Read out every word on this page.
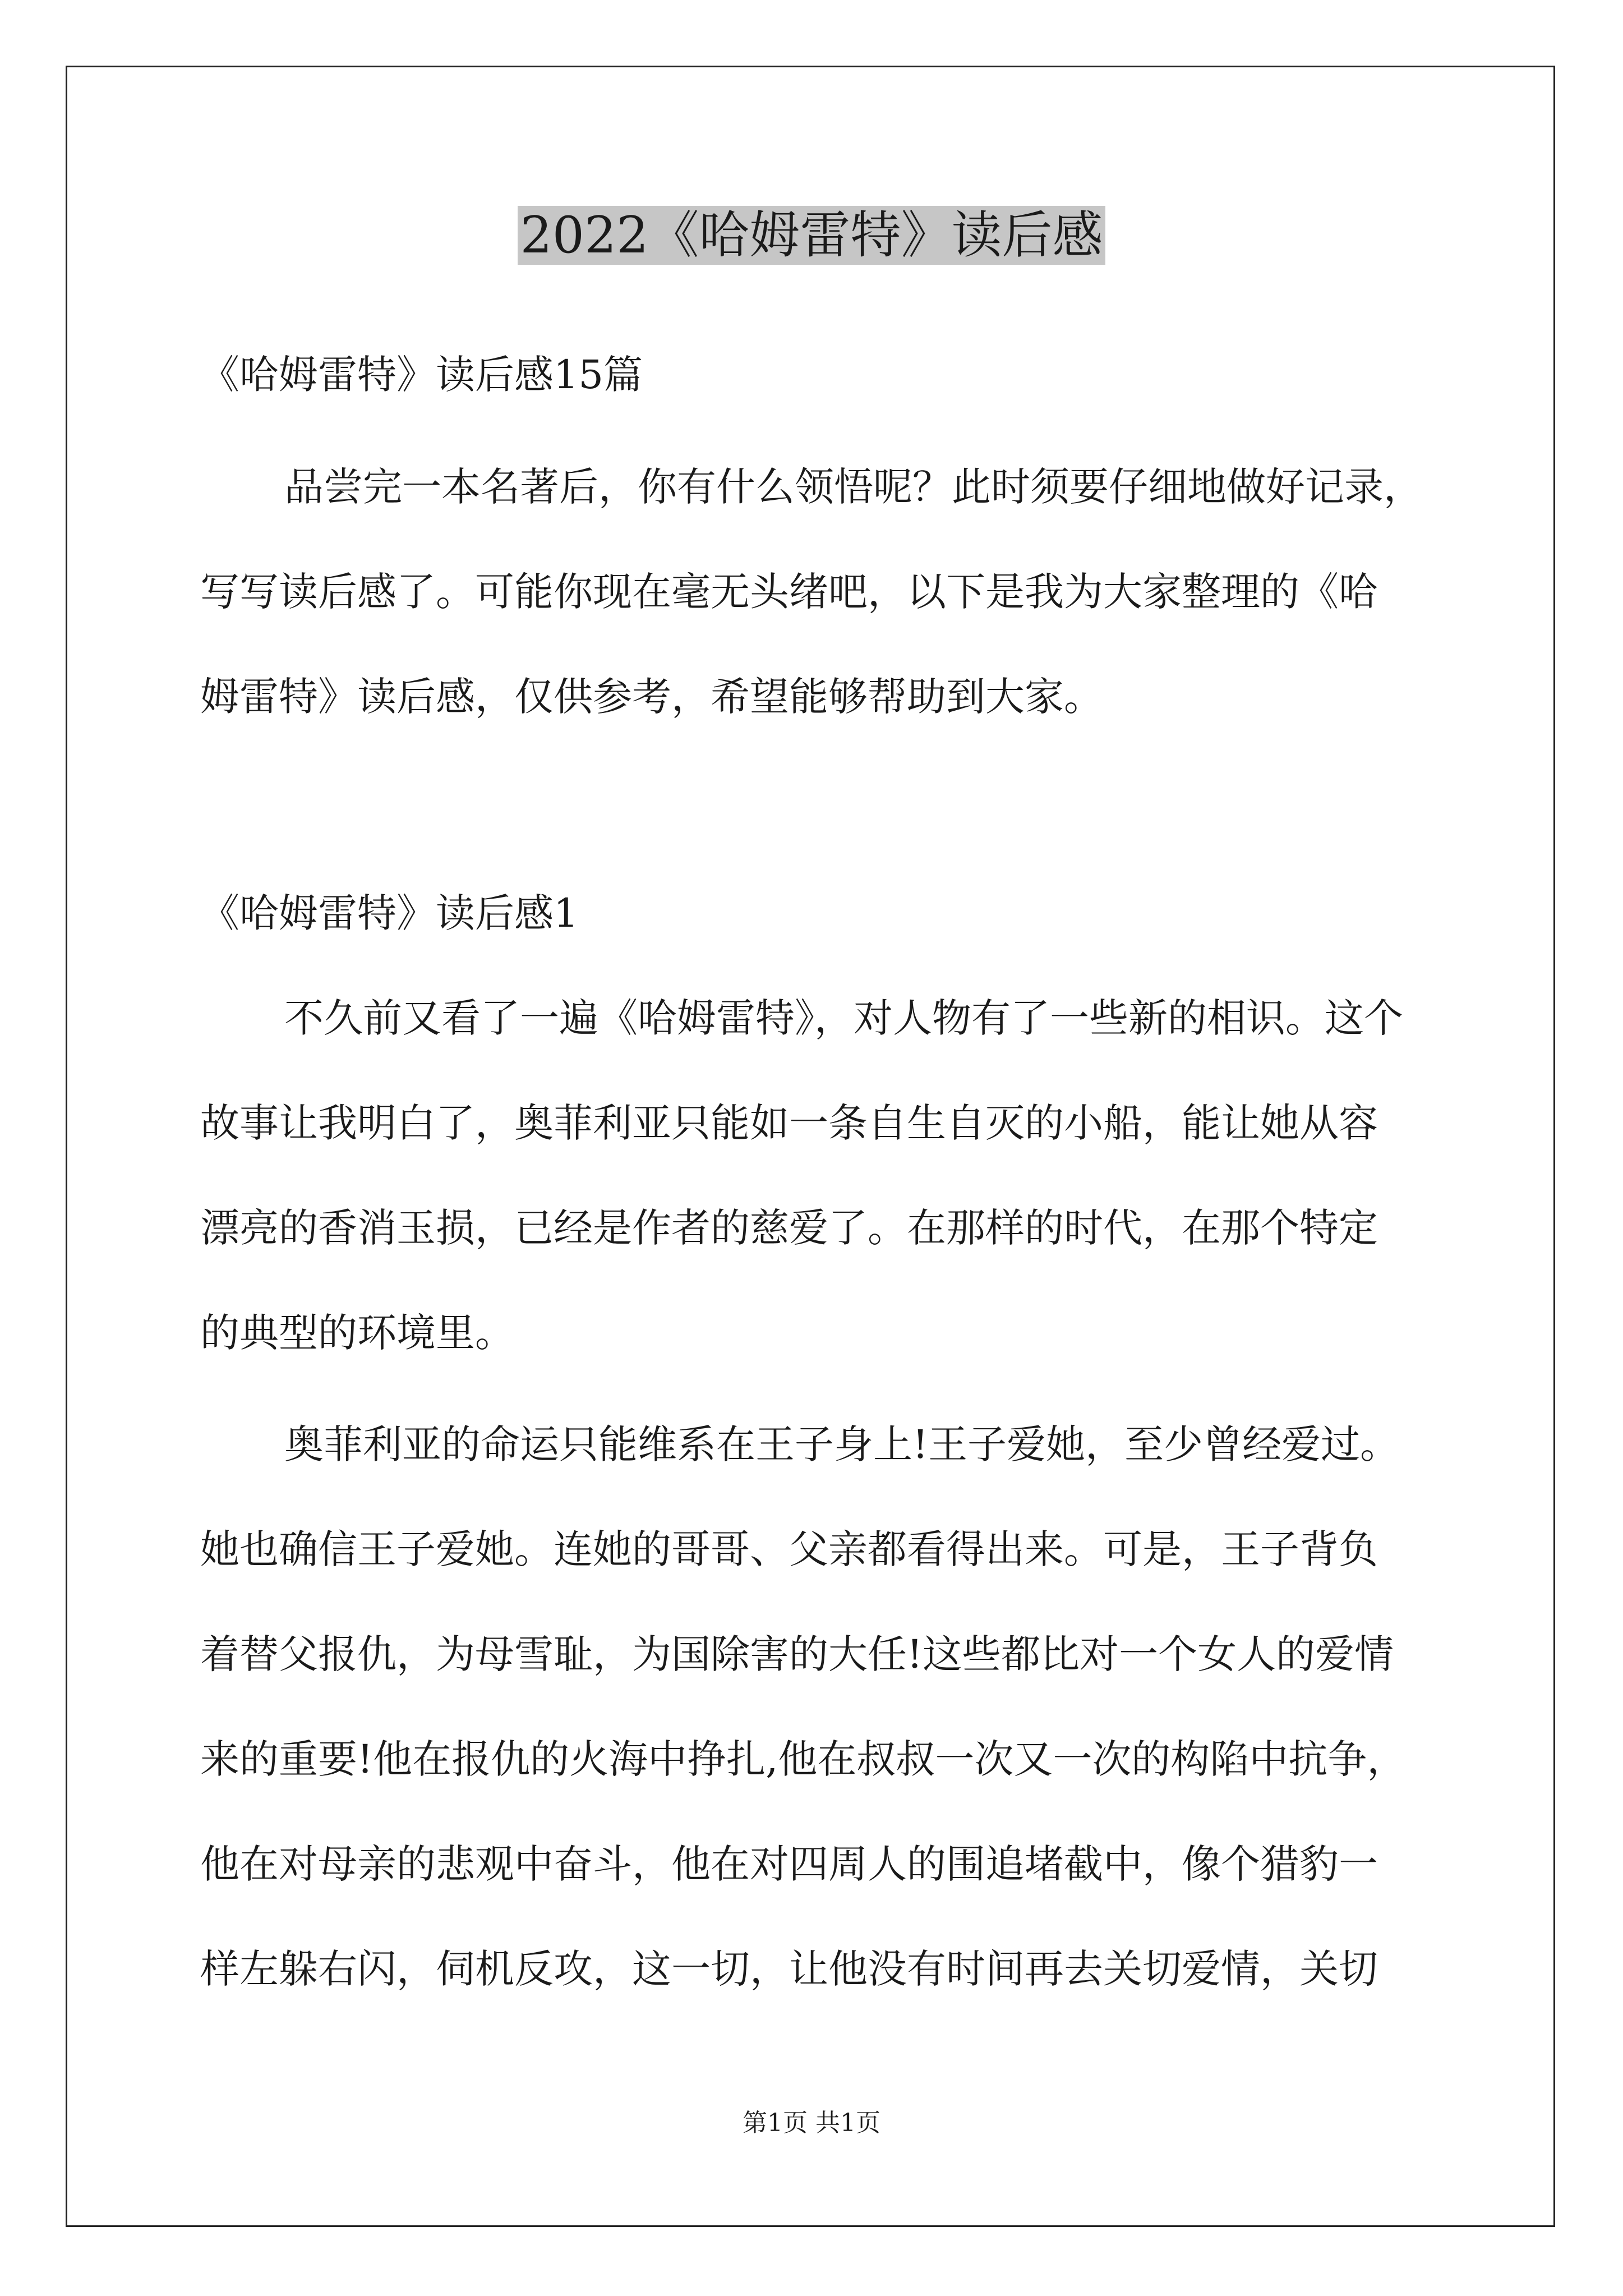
2022《哈姆雷特》读后感

《哈姆雷特》读后感15篇

品尝完一本名著后，你有什么领悟呢？此时须要仔细地做好记录，

写写读后感了。可能你现在毫无头绪吧，以下是我为大家整理的《哈

姆雷特》读后感，仅供参考，希望能够帮助到大家。

《哈姆雷特》读后感1

不久前又看了一遍《哈姆雷特》，对人物有了一些新的相识。这个

故事让我明白了，奥菲利亚只能如一条自生自灭的小船，能让她从容

漂亮的香消玉损，已经是作者的慈爱了。在那样的时代，在那个特定

的典型的环境里。

奥菲利亚的命运只能维系在王子身上!王子爱她，至少曾经爱过。

她也确信王子爱她。连她的哥哥、父亲都看得出来。可是，王子背负

着替父报仇，为母雪耻，为国除害的大任!这些都比对一个女人的爱情

来的重要!他在报仇的火海中挣扎,他在叔叔一次又一次的构陷中抗争，

他在对母亲的悲观中奋斗，他在对四周人的围追堵截中，像个猎豹一

样左躲右闪，伺机反攻，这一切，让他没有时间再去关切爱情，关切

第1页 共1页
